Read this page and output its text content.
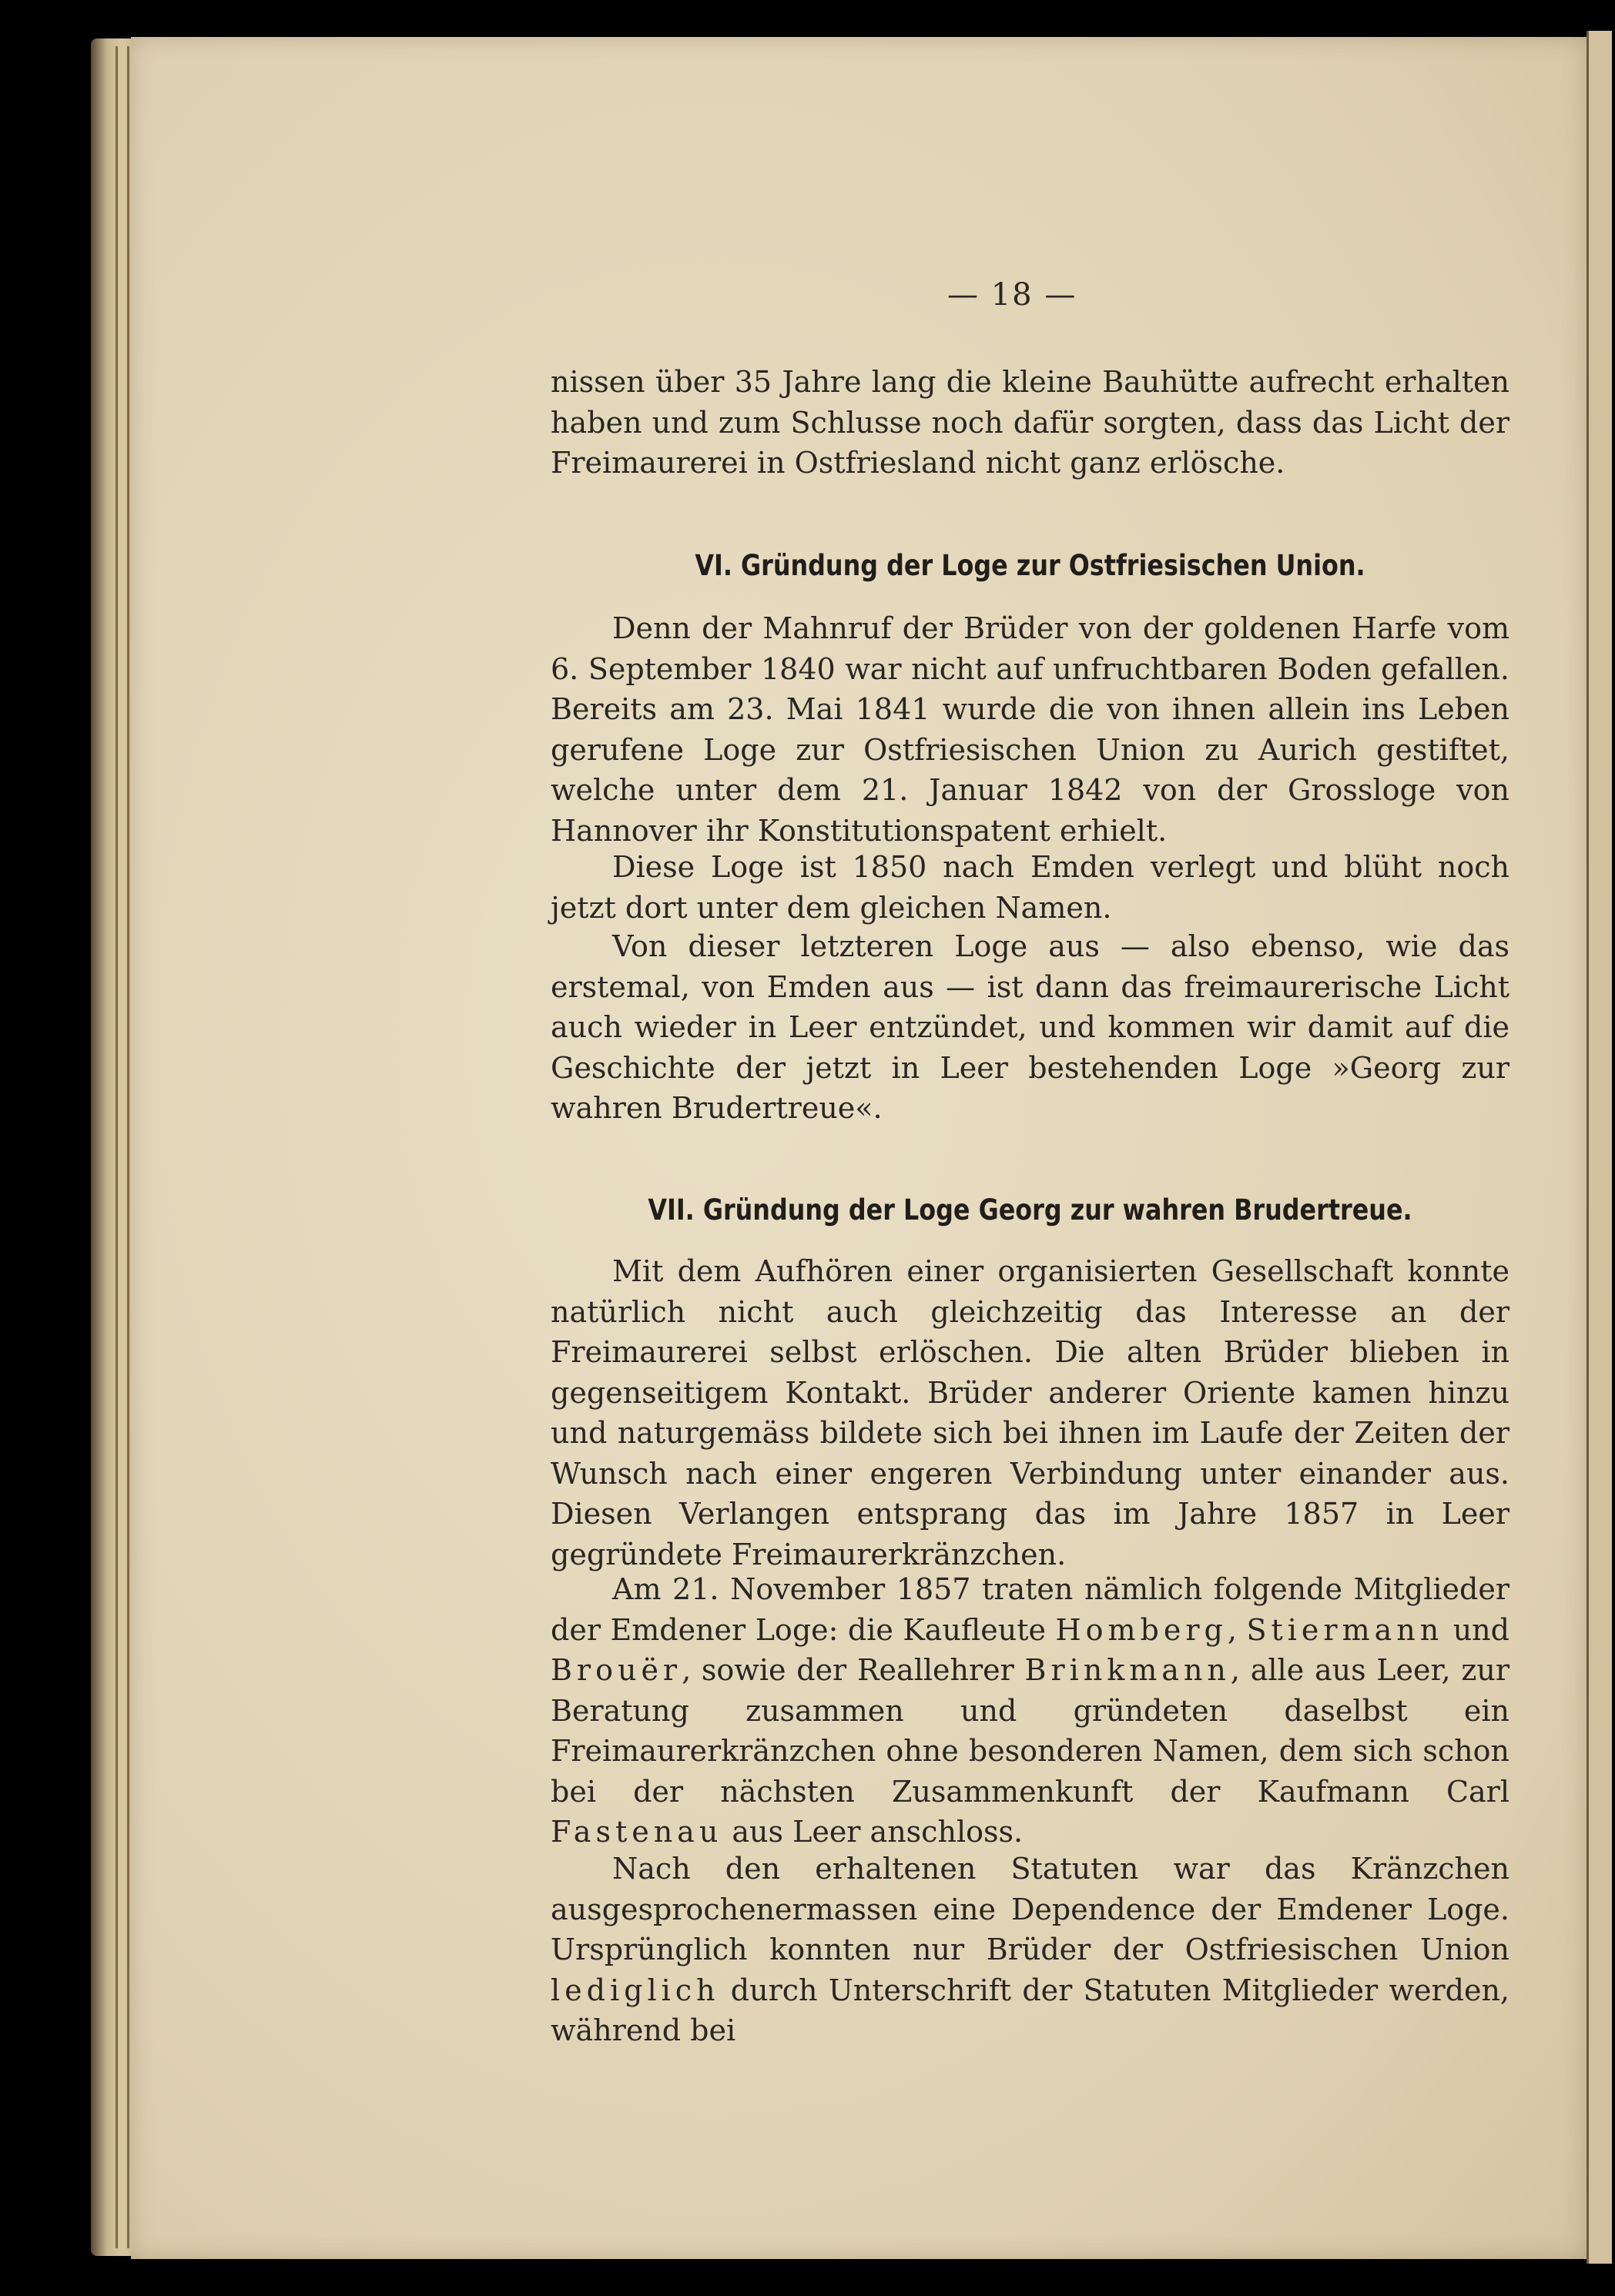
— 18 —

nissen über 35 Jahre lang die kleine Bauhütte aufrecht erhalten haben und zum Schlusse noch dafür sorgten, dass das Licht der Freimaurerei in Ostfriesland nicht ganz erlösche.

VI. Gründung der Loge zur Ostfriesischen Union.

Denn der Mahnruf der Brüder von der goldenen Harfe vom 6. September 1840 war nicht auf unfruchtbaren Boden gefallen. Bereits am 23. Mai 1841 wurde die von ihnen allein ins Leben gerufene Loge zur Ostfriesischen Union zu Aurich gestiftet, welche unter dem 21. Januar 1842 von der Grossloge von Hannover ihr Konstitutionspatent erhielt.

Diese Loge ist 1850 nach Emden verlegt und blüht noch jetzt dort unter dem gleichen Namen.

Von dieser letzteren Loge aus — also ebenso, wie das erstemal, von Emden aus — ist dann das freimaurerische Licht auch wieder in Leer entzündet, und kommen wir damit auf die Geschichte der jetzt in Leer bestehenden Loge »Georg zur wahren Brudertreue«.

VII. Gründung der Loge Georg zur wahren Brudertreue.

Mit dem Aufhören einer organisierten Gesellschaft konnte natürlich nicht auch gleichzeitig das Interesse an der Freimaurerei selbst erlöschen. Die alten Brüder blieben in gegenseitigem Kontakt. Brüder anderer Oriente kamen hinzu und naturgemäss bildete sich bei ihnen im Laufe der Zeiten der Wunsch nach einer engeren Verbindung unter einander aus. Diesen Verlangen entsprang das im Jahre 1857 in Leer gegründete Freimaurerkränzchen.

Am 21. November 1857 traten nämlich folgende Mitglieder der Emdener Loge: die Kaufleute Homberg, Stiermann und Brouër, sowie der Reallehrer Brinkmann, alle aus Leer, zur Beratung zusammen und gründeten daselbst ein Freimaurerkränzchen ohne besonderen Namen, dem sich schon bei der nächsten Zusammenkunft der Kaufmann Carl Fastenau aus Leer anschloss.

Nach den erhaltenen Statuten war das Kränzchen ausgesprochenermassen eine Dependence der Emdener Loge. Ursprünglich konnten nur Brüder der Ostfriesischen Union lediglich durch Unterschrift der Statuten Mitglieder werden, während bei
